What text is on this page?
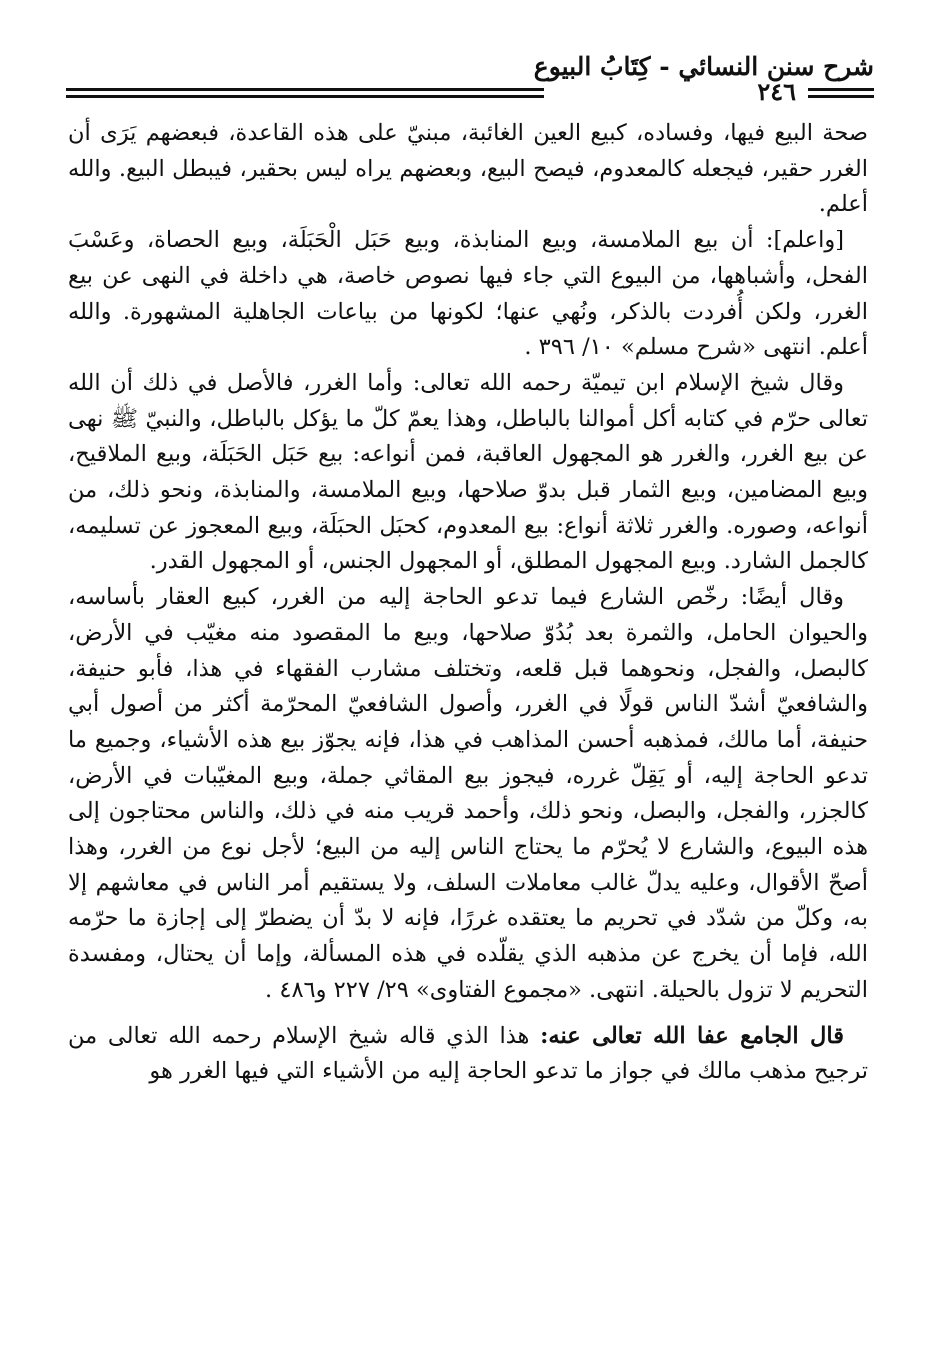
شرح سنن النسائي - كِتَابُ البيوع
٢٤٦

صحة البيع فيها، وفساده، كبيع العين الغائبة، مبنيّ على هذه القاعدة، فبعضهم يَرَى أن الغرر حقير، فيجعله كالمعدوم، فيصح البيع، وبعضهم يراه ليس بحقير، فيبطل البيع. والله أعلم.

[واعلم]: أن بيع الملامسة، وبيع المنابذة، وبيع حَبَل الْحَبَلَة، وبيع الحصاة، وعَسْبَ الفحل، وأشباهها، من البيوع التي جاء فيها نصوص خاصة، هي داخلة في النهى عن بيع الغرر، ولكن أُفردت بالذكر، ونُهي عنها؛ لكونها من بياعات الجاهلية المشهورة. والله أعلم. انتهى «شرح مسلم» ١٠/ ٣٩٦ .

وقال شيخ الإسلام ابن تيميّة رحمه الله تعالى: وأما الغرر، فالأصل في ذلك أن الله تعالى حرّم في كتابه أكل أموالنا بالباطل، وهذا يعمّ كلّ ما يؤكل بالباطل، والنبيّ ﷺ نهى عن بيع الغرر، والغرر هو المجهول العاقبة، فمن أنواعه: بيع حَبَل الحَبَلَة، وبيع الملاقيح، وبيع المضامين، وبيع الثمار قبل بدوّ صلاحها، وبيع الملامسة، والمنابذة، ونحو ذلك، من أنواعه، وصوره. والغرر ثلاثة أنواع: بيع المعدوم، كحبَل الحبَلَة، وبيع المعجوز عن تسليمه، كالجمل الشارد. وبيع المجهول المطلق، أو المجهول الجنس، أو المجهول القدر.

وقال أيضًا: رخّص الشارع فيما تدعو الحاجة إليه من الغرر، كبيع العقار بأساسه، والحيوان الحامل، والثمرة بعد بُدُوّ صلاحها، وبيع ما المقصود منه مغيّب في الأرض، كالبصل، والفجل، ونحوهما قبل قلعه، وتختلف مشارب الفقهاء في هذا، فأبو حنيفة، والشافعيّ أشدّ الناس قولًا في الغرر، وأصول الشافعيّ المحرّمة أكثر من أصول أبي حنيفة، أما مالك، فمذهبه أحسن المذاهب في هذا، فإنه يجوّز بيع هذه الأشياء، وجميع ما تدعو الحاجة إليه، أو يَقِلّ غرره، فيجوز بيع المقاثي جملة، وبيع المغيّبات في الأرض، كالجزر، والفجل، والبصل، ونحو ذلك، وأحمد قريب منه في ذلك، والناس محتاجون إلى هذه البيوع، والشارع لا يُحرّم ما يحتاج الناس إليه من البيع؛ لأجل نوع من الغرر، وهذا أصحّ الأقوال، وعليه يدلّ غالب معاملات السلف، ولا يستقيم أمر الناس في معاشهم إلا به، وكلّ من شدّد في تحريم ما يعتقده غررًا، فإنه لا بدّ أن يضطرّ إلى إجازة ما حرّمه الله، فإما أن يخرج عن مذهبه الذي يقلّده في هذه المسألة، وإما أن يحتال، ومفسدة التحريم لا تزول بالحيلة. انتهى. «مجموع الفتاوى» ٢٩/ ٢٢٧ و٤٨٦ .

قال الجامع عفا الله تعالى عنه: هذا الذي قاله شيخ الإسلام رحمه الله تعالى من ترجيح مذهب مالك في جواز ما تدعو الحاجة إليه من الأشياء التي فيها الغرر هو
